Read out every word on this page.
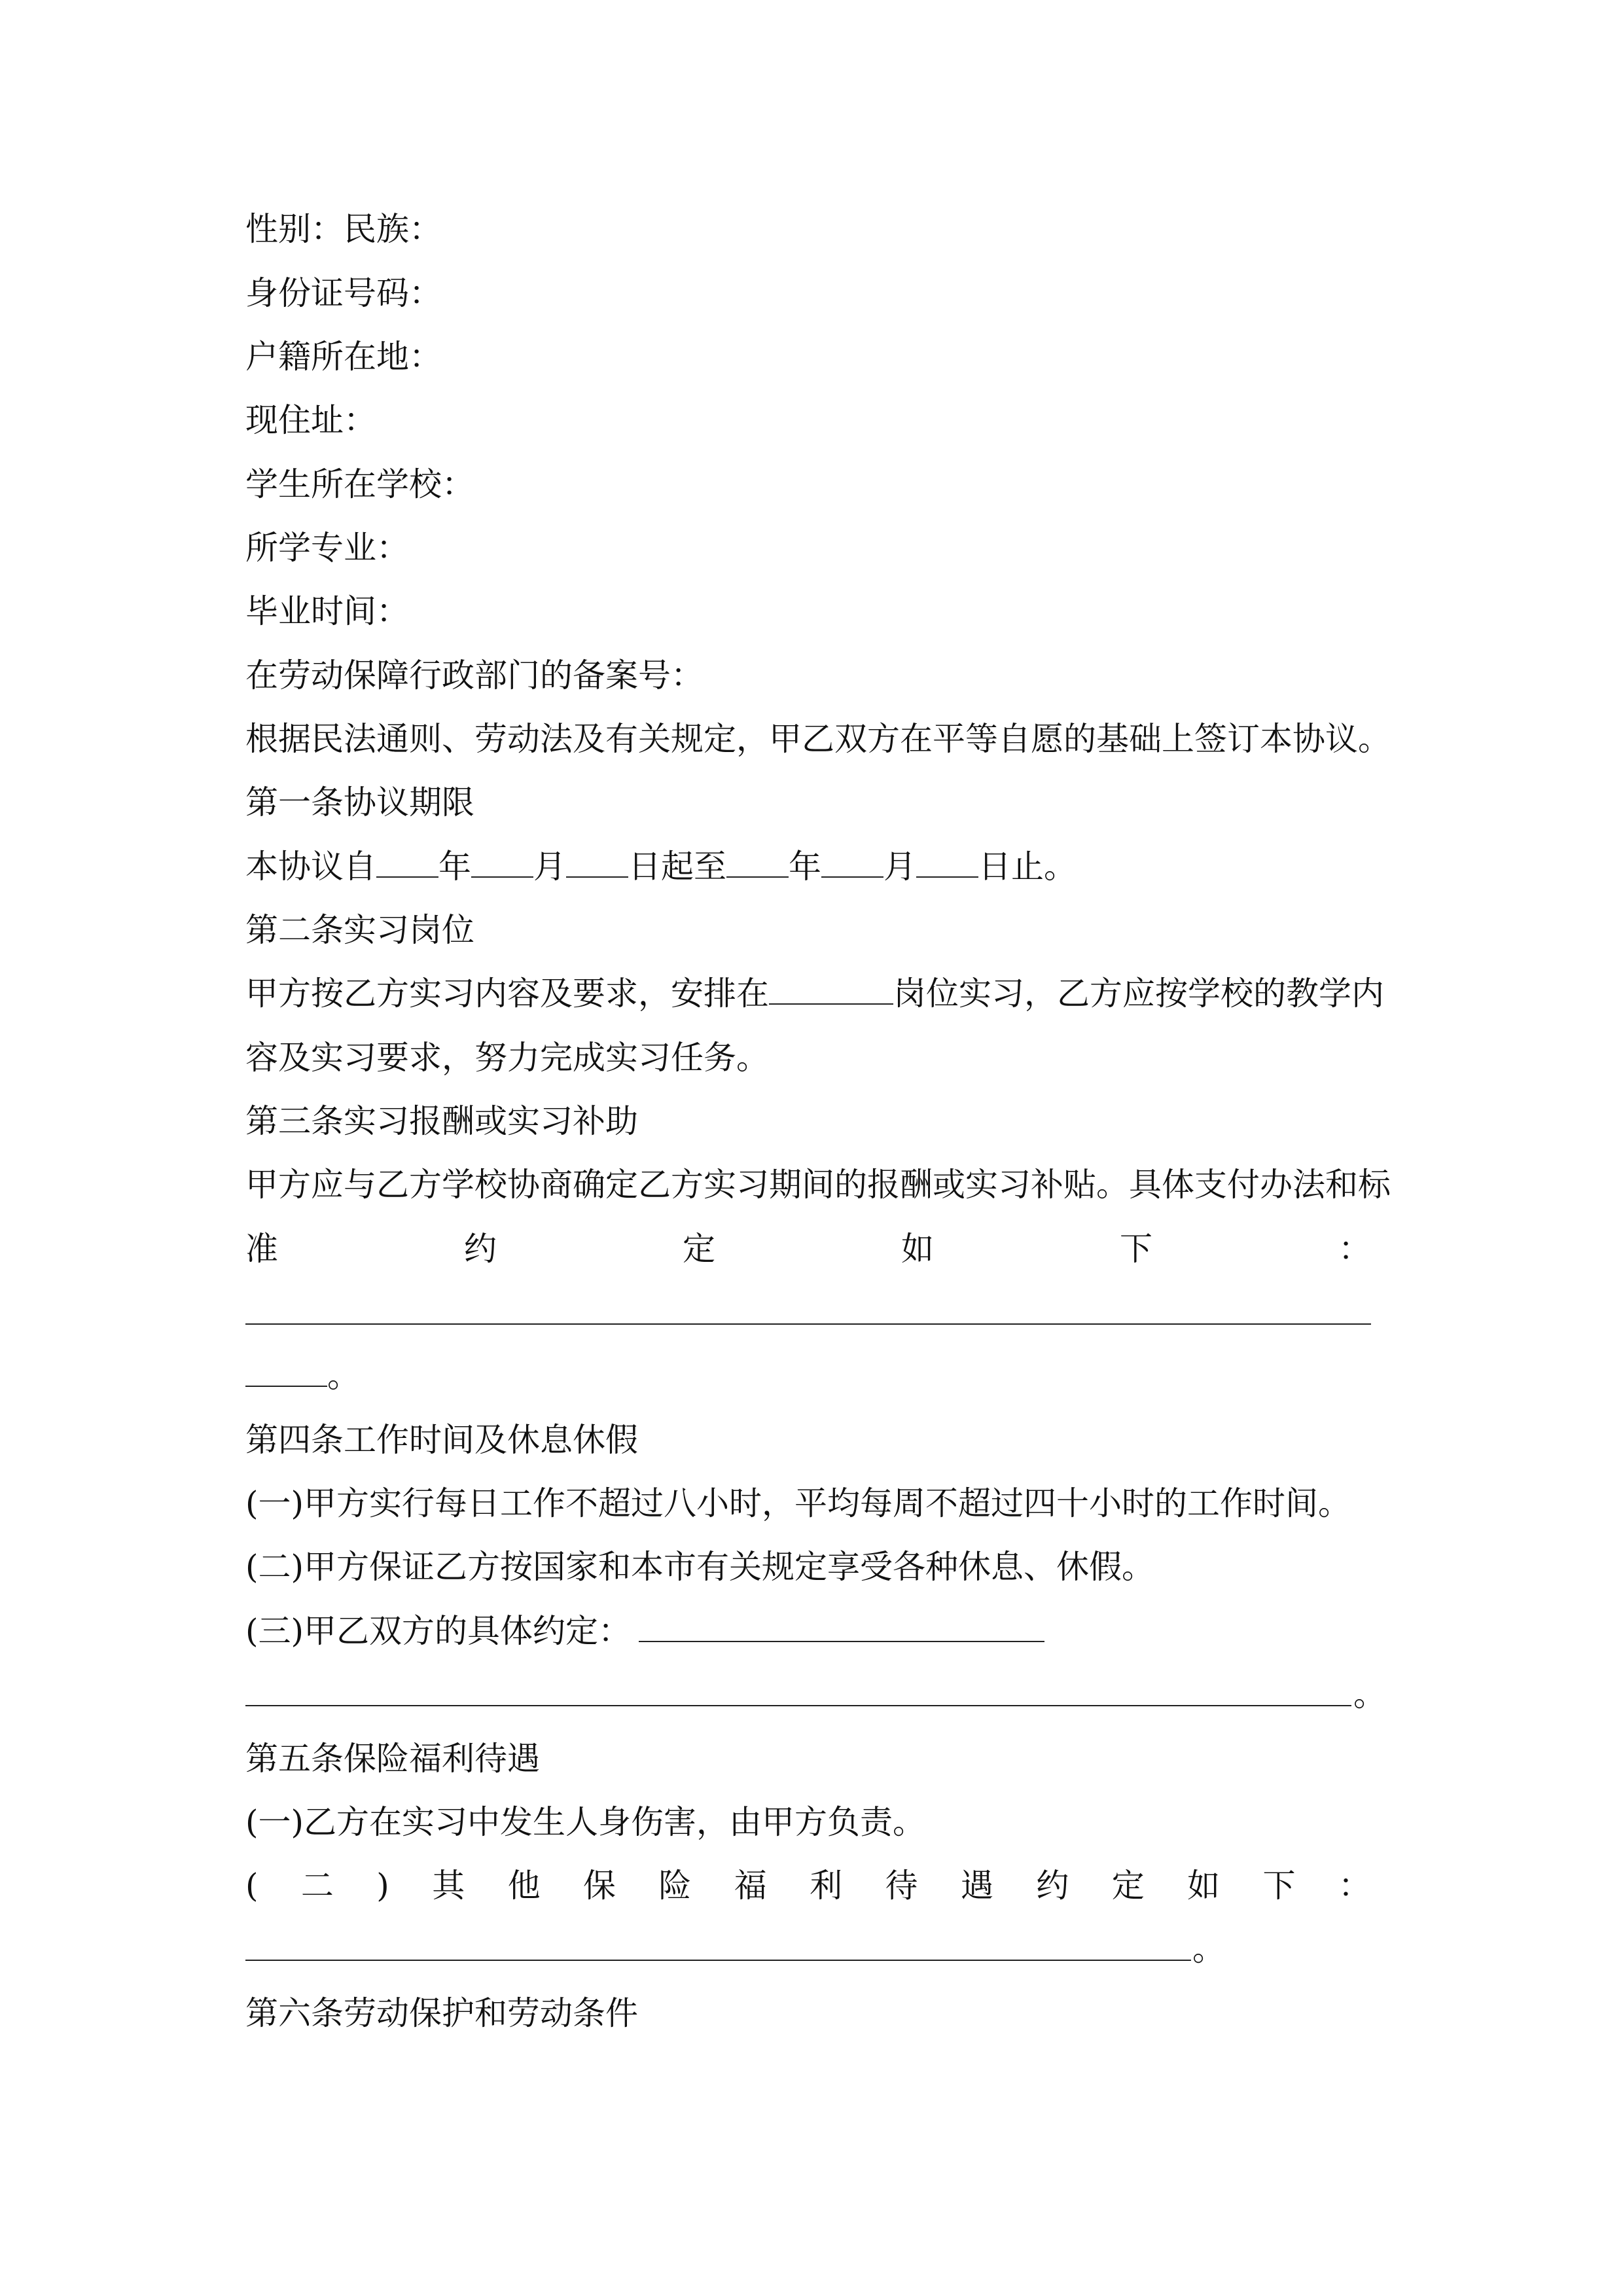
性别：民族：
身份证号码：
户籍所在地：
现住址：
学生所在学校：
所学专业：
毕业时间：
在劳动保障行政部门的备案号：
根据民法通则、劳动法及有关规定，甲乙双方在平等自愿的基础上签订本协议。
第一条协议期限
本协议自 年 月 日起至 年 月 日止。
第二条实习岗位
甲方按乙方实习内容及要求，安排在	岗位实习，乙方应按学校的教学内
容及实习要求，努力完成实习任务。
第三条实习报酬或实习补助
甲方应与乙方学校协商确定乙方实习期间的报酬或实习补贴。具体支付办法和标
准	约	定	如	下	：
。
第四条工作时间及休息休假
(一)甲方实行每日工作不超过八小时，平均每周不超过四十小时的工作时间。
(二)甲方保证乙方按国家和本市有关规定享受各种休息、休假。
(三)甲乙双方的具体约定：
。
第五条保险福利待遇
(一)乙方在实习中发生人身伤害，由甲方负责。
( 二 ) 其 他 保 险 福 利 待 遇 约 定 如 下 ：
。
第六条劳动保护和劳动条件
